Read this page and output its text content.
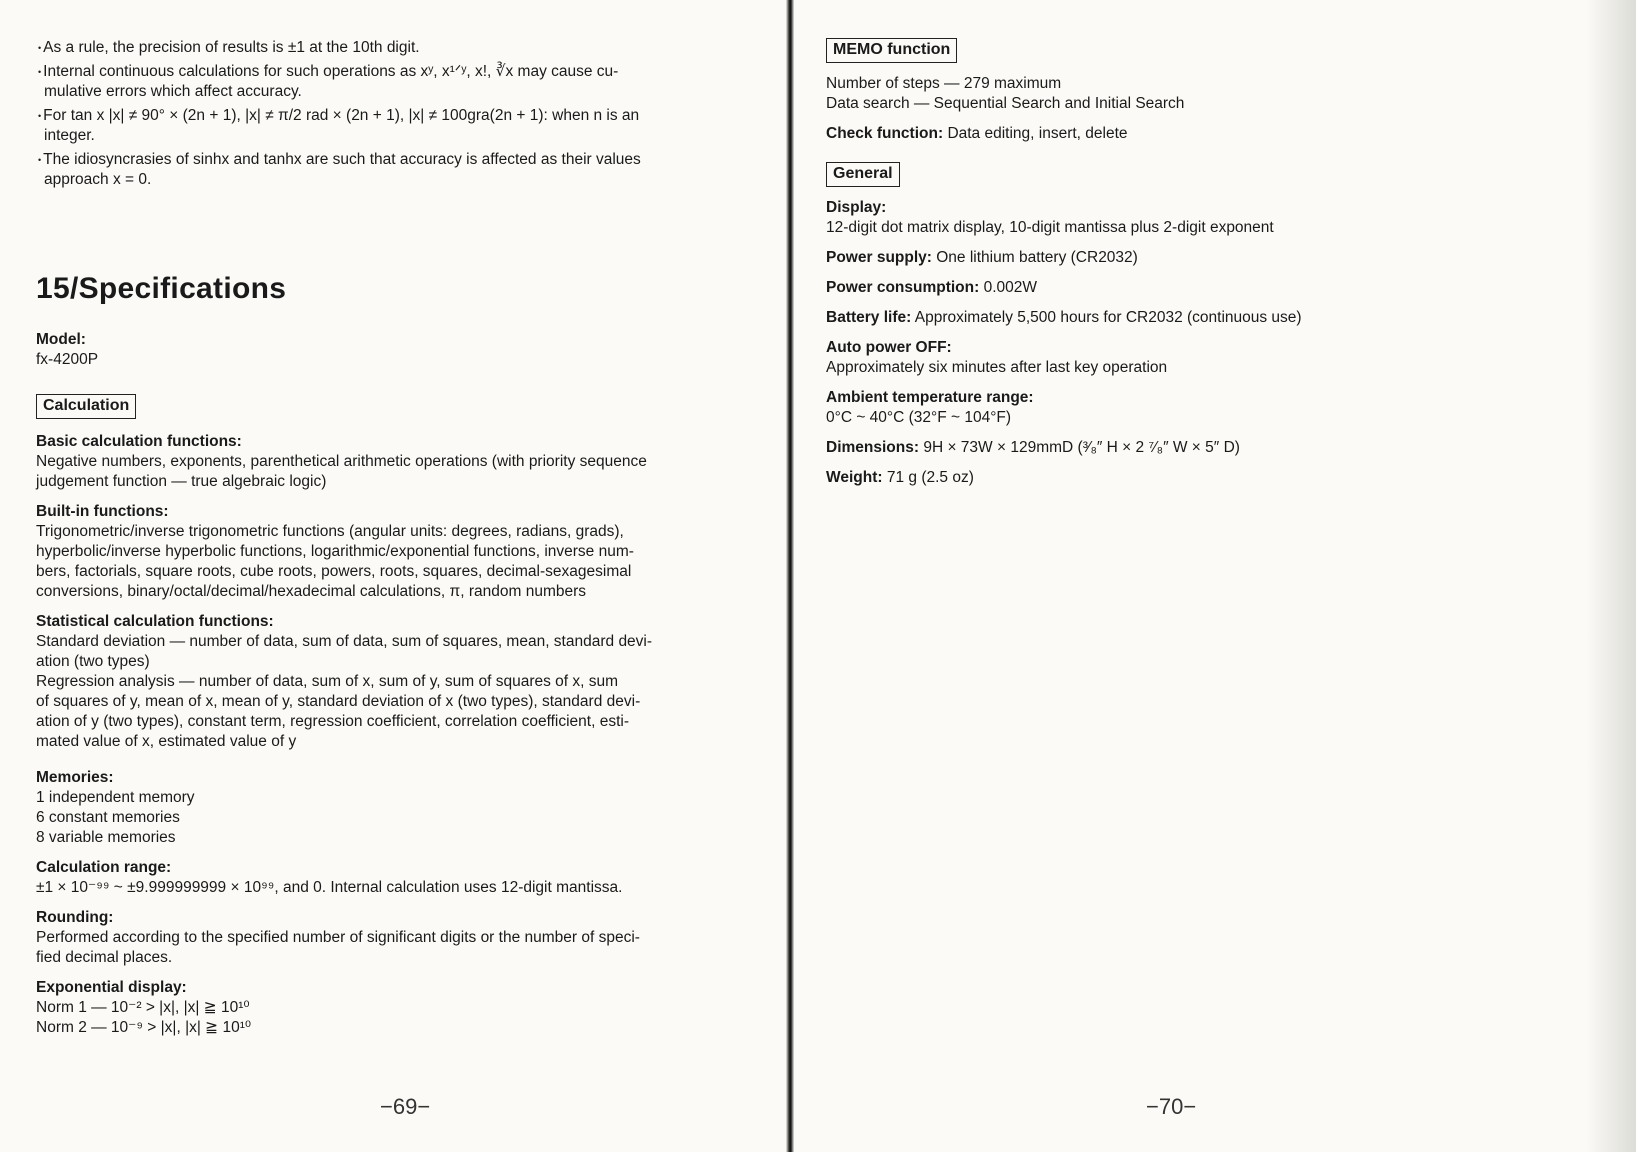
• As a rule, the precision of results is ±1 at the 10th digit.

• Internal continuous calculations for such operations as xʸ, x¹ᐟʸ, x!, ∛x may cause cu-

mulative errors which affect accuracy.

• For tan x |x| ≠ 90° × (2n + 1), |x| ≠ π/2 rad × (2n + 1), |x| ≠ 100gra(2n + 1): when n is an

integer.

• The idiosyncrasies of sinhx and tanhx are such that accuracy is affected as their values

approach x = 0.
15/Specifications
Model:
fx-4200P
Calculation
Basic calculation functions:
Negative numbers, exponents, parenthetical arithmetic operations (with priority sequence
judgement function — true algebraic logic)
Built-in functions:
Trigonometric/inverse trigonometric functions (angular units: degrees, radians, grads),
hyperbolic/inverse hyperbolic functions, logarithmic/exponential functions, inverse num-
bers, factorials, square roots, cube roots, powers, roots, squares, decimal-sexagesimal
conversions, binary/octal/decimal/hexadecimal calculations, π, random numbers
Statistical calculation functions:
Standard deviation — number of data, sum of data, sum of squares, mean, standard devi-
ation (two types)
Regression analysis — number of data, sum of x, sum of y, sum of squares of x, sum
of squares of y, mean of x, mean of y, standard deviation of x (two types), standard devi-
ation of y (two types), constant term, regression coefficient, correlation coefficient, esti-
mated value of x, estimated value of y
Memories:
1 independent memory
6 constant memories
8 variable memories
Calculation range:
±1 × 10⁻⁹⁹ ~ ±9.999999999 × 10⁹⁹, and 0. Internal calculation uses 12-digit mantissa.
Rounding:
Performed according to the specified number of significant digits or the number of speci-
fied decimal places.
Exponential display:
Norm 1 — 10⁻² > |x|, |x| ≧ 10¹⁰
Norm 2 — 10⁻⁹ > |x|, |x| ≧ 10¹⁰
−69−
MEMO function
Number of steps — 279 maximum
Data search — Sequential Search and Initial Search
Check function: Data editing, insert, delete
General
Display:
12-digit dot matrix display, 10-digit mantissa plus 2-digit exponent
Power supply: One lithium battery (CR2032)
Power consumption: 0.002W
Battery life: Approximately 5,500 hours for CR2032 (continuous use)
Auto power OFF:
Approximately six minutes after last key operation
Ambient temperature range:
0°C ~ 40°C (32°F ~ 104°F)
Dimensions: 9H × 73W × 129mmD (³⁄₈″ H × 2 ⁷⁄₈″ W × 5″ D)
Weight: 71 g (2.5 oz)
−70−
